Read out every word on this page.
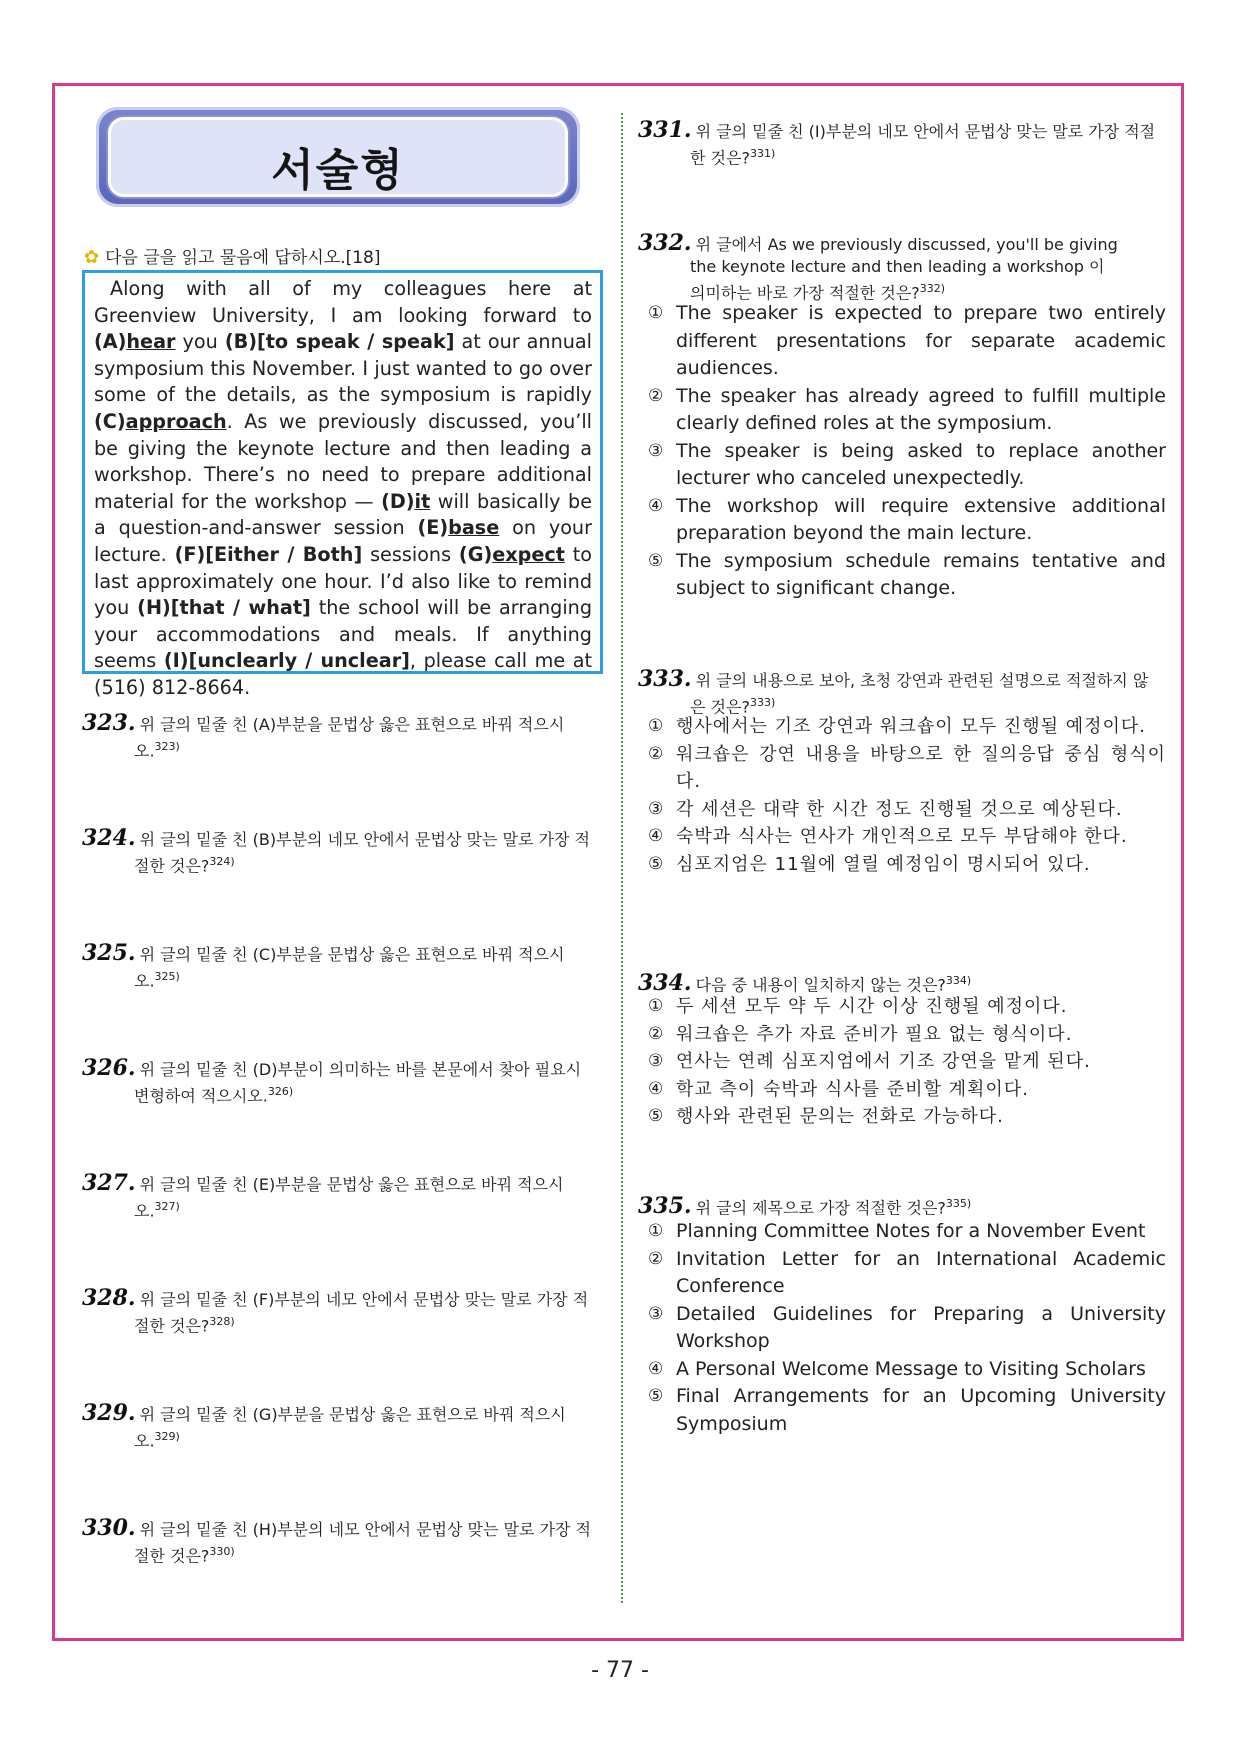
서술형
✿ 다음 글을 읽고 물음에 답하시오.[18]

Along with all of my colleagues here at Greenview University, I am looking forward to (A)hear you (B)[to speak / speak] at our annual symposium this November. I just wanted to go over some of the details, as the symposium is rapidly (C)approach. As we previously discussed, you’ll be giving the keynote lecture and then leading a workshop. There’s no need to prepare additional material for the workshop — (D)it will basically be a question-and-answer session (E)base on your lecture. (F)[Either / Both] sessions (G)expect to last approximately one hour. I’d also like to remind you (H)[that / what] the school will be arranging your accommodations and meals. If anything seems (I)[unclearly / unclear], please call me at (516) 812-8664.

323. 위 글의 밑줄 친 (A)부분을 문법상 옳은 표현으로 바꿔 적으시
오.$^{323)}$
324. 위 글의 밑줄 친 (B)부분의 네모 안에서 문법상 맞는 말로 가장 적
절한 것은?$^{324)}$
325. 위 글의 밑줄 친 (C)부분을 문법상 옳은 표현으로 바꿔 적으시
오.$^{325)}$
326. 위 글의 밑줄 친 (D)부분이 의미하는 바를 본문에서 찾아 필요시
변형하여 적으시오.$^{326)}$
327. 위 글의 밑줄 친 (E)부분을 문법상 옳은 표현으로 바꿔 적으시
오.$^{327)}$
328. 위 글의 밑줄 친 (F)부분의 네모 안에서 문법상 맞는 말로 가장 적
절한 것은?$^{328)}$
329. 위 글의 밑줄 친 (G)부분을 문법상 옳은 표현으로 바꿔 적으시
오.$^{329)}$
330. 위 글의 밑줄 친 (H)부분의 네모 안에서 문법상 맞는 말로 가장 적
절한 것은?$^{330)}$
331. 위 글의 밑줄 친 (I)부분의 네모 안에서 문법상 맞는 말로 가장 적절
한 것은?$^{331)}$
332. 위 글에서 As we previously discussed, you'll be giving
the keynote lecture and then leading a workshop 이
의미하는 바로 가장 적절한 것은?$^{332)}$
① The speaker is expected to prepare two entirely different presentations for separate academic audiences.
② The speaker has already agreed to fulfill multiple clearly defined roles at the symposium.
③ The speaker is being asked to replace another lecturer who canceled unexpectedly.
④ The workshop will require extensive additional preparation beyond the main lecture.
⑤ The symposium schedule remains tentative and subject to significant change.
333. 위 글의 내용으로 보아, 초청 강연과 관련된 설명으로 적절하지 않
은 것은?$^{333)}$
① 행사에서는 기조 강연과 워크숍이 모두 진행될 예정이다.
② 워크숍은 강연 내용을 바탕으로 한 질의응답 중심 형식이다.
③ 각 세션은 대략 한 시간 정도 진행될 것으로 예상된다.
④ 숙박과 식사는 연사가 개인적으로 모두 부담해야 한다.
⑤ 심포지엄은 11월에 열릴 예정임이 명시되어 있다.
334. 다음 중 내용이 일치하지 않는 것은?$^{334)}$
① 두 세션 모두 약 두 시간 이상 진행될 예정이다.
② 워크숍은 추가 자료 준비가 필요 없는 형식이다.
③ 연사는 연례 심포지엄에서 기조 강연을 맡게 된다.
④ 학교 측이 숙박과 식사를 준비할 계획이다.
⑤ 행사와 관련된 문의는 전화로 가능하다.
335. 위 글의 제목으로 가장 적절한 것은?$^{335)}$
① Planning Committee Notes for a November Event
② Invitation Letter for an International Academic Conference
③ Detailed Guidelines for Preparing a University Workshop
④ A Personal Welcome Message to Visiting Scholars
⑤ Final Arrangements for an Upcoming University Symposium
- 77 -
